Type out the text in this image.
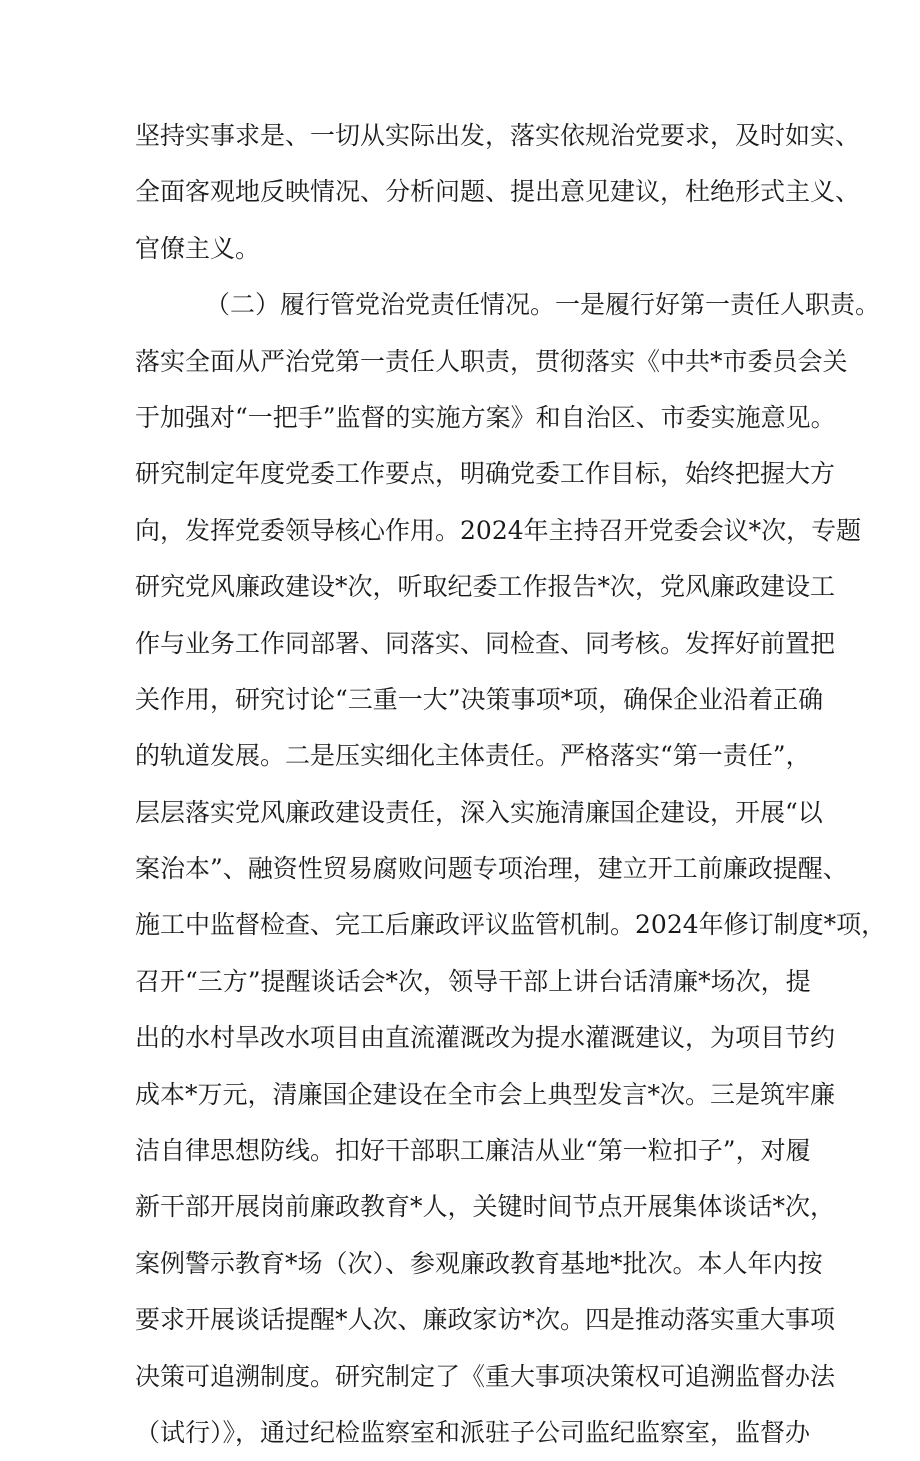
坚持实事求是、一切从实际出发，落实依规治党要求，及时如实、
全面客观地反映情况、分析问题、提出意见建议，杜绝形式主义、
官僚主义。
（二）履行管党治党责任情况。一是履行好第一责任人职责。
落实全面从严治党第一责任人职责，贯彻落实《中共*市委员会关
于加强对“一把手”监督的实施方案》和自治区、市委实施意见。
研究制定年度党委工作要点，明确党委工作目标，始终把握大方
向，发挥党委领导核心作用。2024年主持召开党委会议*次，专题
研究党风廉政建设*次，听取纪委工作报告*次，党风廉政建设工
作与业务工作同部署、同落实、同检查、同考核。发挥好前置把
关作用，研究讨论“三重一大”决策事项*项，确保企业沿着正确
的轨道发展。二是压实细化主体责任。严格落实“第一责任”，
层层落实党风廉政建设责任，深入实施清廉国企建设，开展“以
案治本”、融资性贸易腐败问题专项治理，建立开工前廉政提醒、
施工中监督检查、完工后廉政评议监管机制。2024年修订制度*项，
召开“三方”提醒谈话会*次，领导干部上讲台话清廉*场次，提
出的水村旱改水项目由直流灌溉改为提水灌溉建议，为项目节约
成本*万元，清廉国企建设在全市会上典型发言*次。三是筑牢廉
洁自律思想防线。扣好干部职工廉洁从业“第一粒扣子”，对履
新干部开展岗前廉政教育*人，关键时间节点开展集体谈话*次，
案例警示教育*场（次）、参观廉政教育基地*批次。本人年内按
要求开展谈话提醒*人次、廉政家访*次。四是推动落实重大事项
决策可追溯制度。研究制定了《重大事项决策权可追溯监督办法
（试行）》，通过纪检监察室和派驻子公司监纪监察室，监督办
